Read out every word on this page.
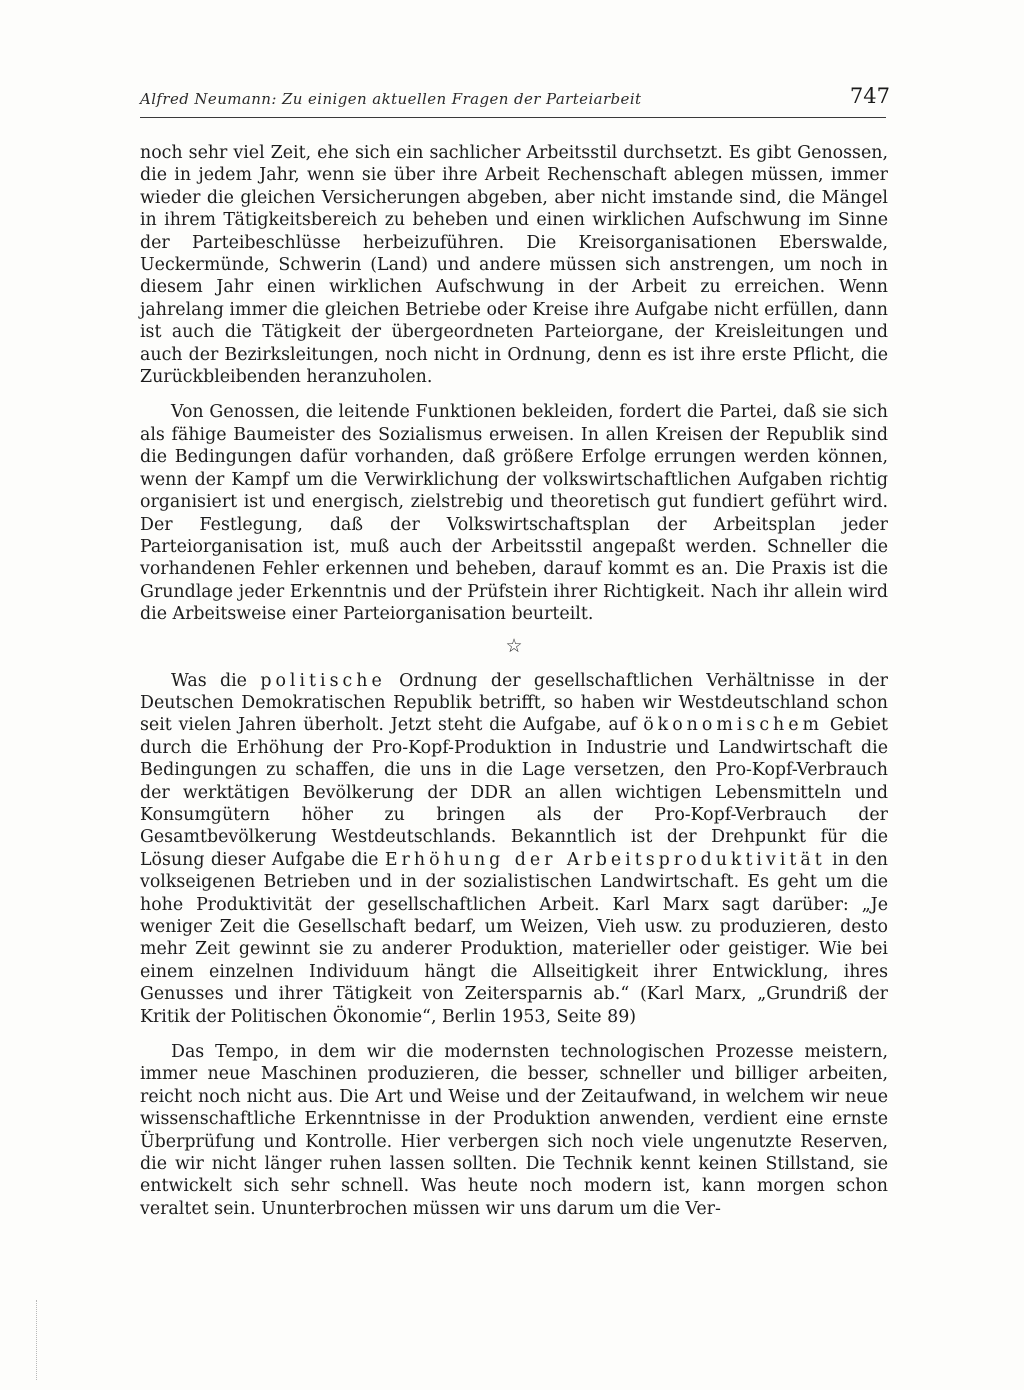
Alfred Neumann: Zu einigen aktuellen Fragen der Parteiarbeit	747

noch sehr viel Zeit, ehe sich ein sachlicher Arbeitsstil durchsetzt. Es gibt Genossen, die in jedem Jahr, wenn sie über ihre Arbeit Rechenschaft ablegen müssen, immer wieder die gleichen Versicherungen abgeben, aber nicht imstande sind, die Mängel in ihrem Tätigkeitsbereich zu beheben und einen wirklichen Aufschwung im Sinne der Parteibeschlüsse herbeizuführen. Die Kreisorganisationen Eberswalde, Ueckermünde, Schwerin (Land) und andere müssen sich anstrengen, um noch in diesem Jahr einen wirklichen Aufschwung in der Arbeit zu erreichen. Wenn jahrelang immer die gleichen Betriebe oder Kreise ihre Aufgabe nicht erfüllen, dann ist auch die Tätigkeit der übergeordneten Parteiorgane, der Kreisleitungen und auch der Bezirksleitungen, noch nicht in Ordnung, denn es ist ihre erste Pflicht, die Zurückbleibenden heranzuholen.

Von Genossen, die leitende Funktionen bekleiden, fordert die Partei, daß sie sich als fähige Baumeister des Sozialismus erweisen. In allen Kreisen der Republik sind die Bedingungen dafür vorhanden, daß größere Erfolge errungen werden können, wenn der Kampf um die Verwirklichung der volkswirtschaftlichen Aufgaben richtig organisiert ist und energisch, zielstrebig und theoretisch gut fundiert geführt wird. Der Festlegung, daß der Volkswirtschaftsplan der Arbeitsplan jeder Parteiorganisation ist, muß auch der Arbeitsstil angepaßt werden. Schneller die vorhandenen Fehler erkennen und beheben, darauf kommt es an. Die Praxis ist die Grundlage jeder Erkenntnis und der Prüfstein ihrer Richtigkeit. Nach ihr allein wird die Arbeitsweise einer Parteiorganisation beurteilt.

☆

Was die politische Ordnung der gesellschaftlichen Verhältnisse in der Deutschen Demokratischen Republik betrifft, so haben wir Westdeutschland schon seit vielen Jahren überholt. Jetzt steht die Aufgabe, auf ökonomischem Gebiet durch die Erhöhung der Pro-Kopf-Produktion in Industrie und Landwirtschaft die Bedingungen zu schaffen, die uns in die Lage versetzen, den Pro-Kopf-Verbrauch der werktätigen Bevölkerung der DDR an allen wichtigen Lebensmitteln und Konsumgütern höher zu bringen als der Pro-Kopf-Verbrauch der Gesamtbevölkerung Westdeutschlands. Bekanntlich ist der Drehpunkt für die Lösung dieser Aufgabe die Erhöhung der Arbeitsproduktivität in den volkseigenen Betrieben und in der sozialistischen Landwirtschaft. Es geht um die hohe Produktivität der gesellschaftlichen Arbeit. Karl Marx sagt darüber: „Je weniger Zeit die Gesellschaft bedarf, um Weizen, Vieh usw. zu produzieren, desto mehr Zeit gewinnt sie zu anderer Produktion, materieller oder geistiger. Wie bei einem einzelnen Individuum hängt die Allseitigkeit ihrer Entwicklung, ihres Genusses und ihrer Tätigkeit von Zeitersparnis ab.“ (Karl Marx, „Grundriß der Kritik der Politischen Ökonomie“, Berlin 1953, Seite 89)

Das Tempo, in dem wir die modernsten technologischen Prozesse meistern, immer neue Maschinen produzieren, die besser, schneller und billiger arbeiten, reicht noch nicht aus. Die Art und Weise und der Zeitaufwand, in welchem wir neue wissenschaftliche Erkenntnisse in der Produktion anwenden, verdient eine ernste Überprüfung und Kontrolle. Hier verbergen sich noch viele ungenutzte Reserven, die wir nicht länger ruhen lassen sollten. Die Technik kennt keinen Stillstand, sie entwickelt sich sehr schnell. Was heute noch modern ist, kann morgen schon veraltet sein. Ununterbrochen müssen wir uns darum um die Ver-
